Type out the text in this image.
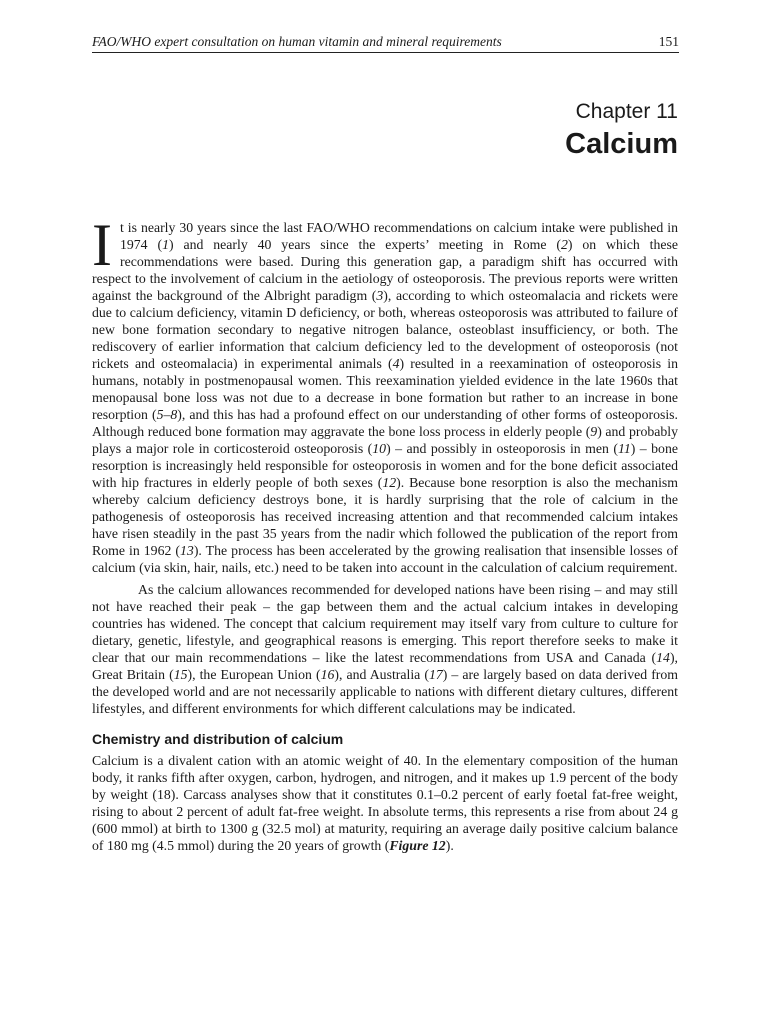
FAO/WHO expert consultation on human vitamin and mineral requirements	151
Chapter 11
Calcium

It is nearly 30 years since the last FAO/WHO recommendations on calcium intake were published in 1974 (1) and nearly 40 years since the experts’ meeting in Rome (2) on which these recommendations were based. During this generation gap, a paradigm shift has occurred with respect to the involvement of calcium in the aetiology of osteoporosis. The previous reports were written against the background of the Albright paradigm (3), according to which osteomalacia and rickets were due to calcium deficiency, vitamin D deficiency, or both, whereas osteoporosis was attributed to failure of new bone formation secondary to negative nitrogen balance, osteoblast insufficiency, or both. The rediscovery of earlier information that calcium deficiency led to the development of osteoporosis (not rickets and osteomalacia) in experimental animals (4) resulted in a reexamination of osteoporosis in humans, notably in postmenopausal women. This reexamination yielded evidence in the late 1960s that menopausal bone loss was not due to a decrease in bone formation but rather to an increase in bone resorption (5–8), and this has had a profound effect on our understanding of other forms of osteoporosis. Although reduced bone formation may aggravate the bone loss process in elderly people (9) and probably plays a major role in corticosteroid osteoporosis (10) – and possibly in osteoporosis in men (11) – bone resorption is increasingly held responsible for osteoporosis in women and for the bone deficit associated with hip fractures in elderly people of both sexes (12). Because bone resorption is also the mechanism whereby calcium deficiency destroys bone, it is hardly surprising that the role of calcium in the pathogenesis of osteoporosis has received increasing attention and that recommended calcium intakes have risen steadily in the past 35 years from the nadir which followed the publication of the report from Rome in 1962 (13). The process has been accelerated by the growing realisation that insensible losses of calcium (via skin, hair, nails, etc.) need to be taken into account in the calculation of calcium requirement.

As the calcium allowances recommended for developed nations have been rising – and may still not have reached their peak – the gap between them and the actual calcium intakes in developing countries has widened. The concept that calcium requirement may itself vary from culture to culture for dietary, genetic, lifestyle, and geographical reasons is emerging. This report therefore seeks to make it clear that our main recommendations – like the latest recommendations from USA and Canada (14), Great Britain (15), the European Union (16), and Australia (17) – are largely based on data derived from the developed world and are not necessarily applicable to nations with different dietary cultures, different lifestyles, and different environments for which different calculations may be indicated.

Chemistry and distribution of calcium

Calcium is a divalent cation with an atomic weight of 40. In the elementary composition of the human body, it ranks fifth after oxygen, carbon, hydrogen, and nitrogen, and it makes up 1.9 percent of the body by weight (18). Carcass analyses show that it constitutes 0.1–0.2 percent of early foetal fat-free weight, rising to about 2 percent of adult fat-free weight. In absolute terms, this represents a rise from about 24 g (600 mmol) at birth to 1300 g (32.5 mol) at maturity, requiring an average daily positive calcium balance of 180 mg (4.5 mmol) during the 20 years of growth (Figure 12).
